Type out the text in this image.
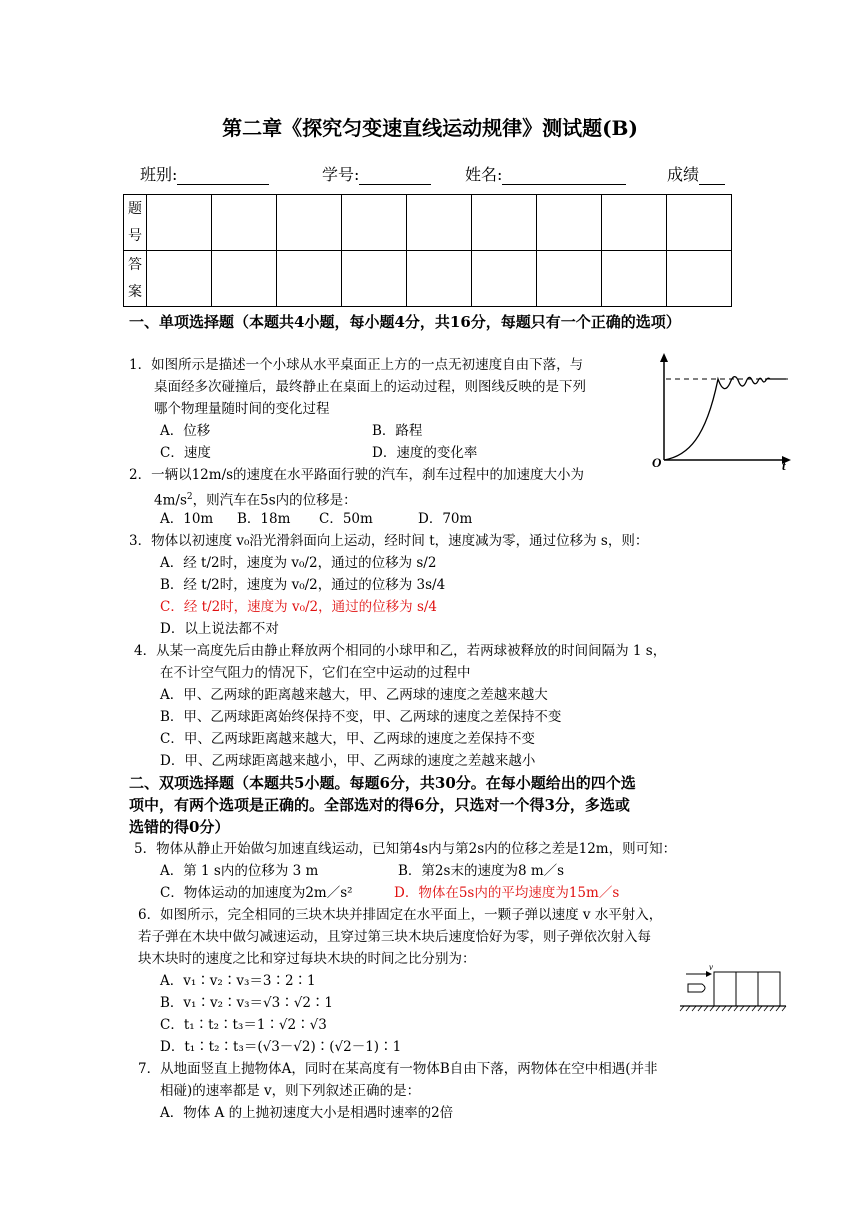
第二章《探究匀变速直线运动规律》测试题(B)
班别:	学号:	姓名:	成绩
题号									
答案									
一、单项选择题（本题共4小题，每小题4分，共16分，每题只有一个正确的选项）
1．如图所示是描述一个小球从水平桌面正上方的一点无初速度自由下落，与
桌面经多次碰撞后，最终静止在桌面上的运动过程，则图线反映的是下列
哪个物理量随时间的变化过程
A．位移	B．路程
C．速度	D．速度的变化率
O	t
2．一辆以12m/s的速度在水平路面行驶的汽车，刹车过程中的加速度大小为
$4m/s^2$，则汽车在5s内的位移是：
A．10m B．18m C．50m	D．70m
3．物体以初速度 v₀沿光滑斜面向上运动，经时间 t，速度减为零，通过位移为 s，则：
A．经 t/2时，速度为 v₀/2，通过的位移为 s/2
B．经 t/2时，速度为 v₀/2，通过的位移为 3s/4
C．经 t/2时，速度为 v₀/2，通过的位移为 s/4
D．以上说法都不对
4．从某一高度先后由静止释放两个相同的小球甲和乙，若两球被释放的时间间隔为 1 s，
在不计空气阻力的情况下，它们在空中运动的过程中
A．甲、乙两球的距离越来越大，甲、乙两球的速度之差越来越大
B．甲、乙两球距离始终保持不变，甲、乙两球的速度之差保持不变
C．甲、乙两球距离越来越大，甲、乙两球的速度之差保持不变
D．甲、乙两球距离越来越小，甲、乙两球的速度之差越来越小
二、双项选择题（本题共5小题。每题6分，共30分。在每小题给出的四个选
项中，有两个选项是正确的。全部选对的得6分，只选对一个得3分，多选或
选错的得0分）
5．物体从静止开始做匀加速直线运动，已知第4s内与第2s内的位移之差是12m，则可知：
A．第 1 s内的位移为 3 m	B．第2s末的速度为8 m／s
C．物体运动的加速度为2m／s²	D．物体在5s内的平均速度为15m／s
6．如图所示，完全相同的三块木块并排固定在水平面上，一颗子弹以速度 v 水平射入，
若子弹在木块中做匀减速运动，且穿过第三块木块后速度恰好为零，则子弹依次射入每
块木块时的速度之比和穿过每块木块的时间之比分别为：
A．v₁∶v₂∶v₃＝3∶2∶1
B．v₁∶v₂∶v₃＝√3∶√2∶1
C．t₁∶t₂∶t₃＝1∶√2∶√3
D．t₁∶t₂∶t₃＝(√3－√2)∶(√2－1)∶1
v
7．从地面竖直上抛物体A，同时在某高度有一物体B自由下落，两物体在空中相遇(并非
相碰)的速率都是 v，则下列叙述正确的是：
A．物体 A 的上抛初速度大小是相遇时速率的2倍
